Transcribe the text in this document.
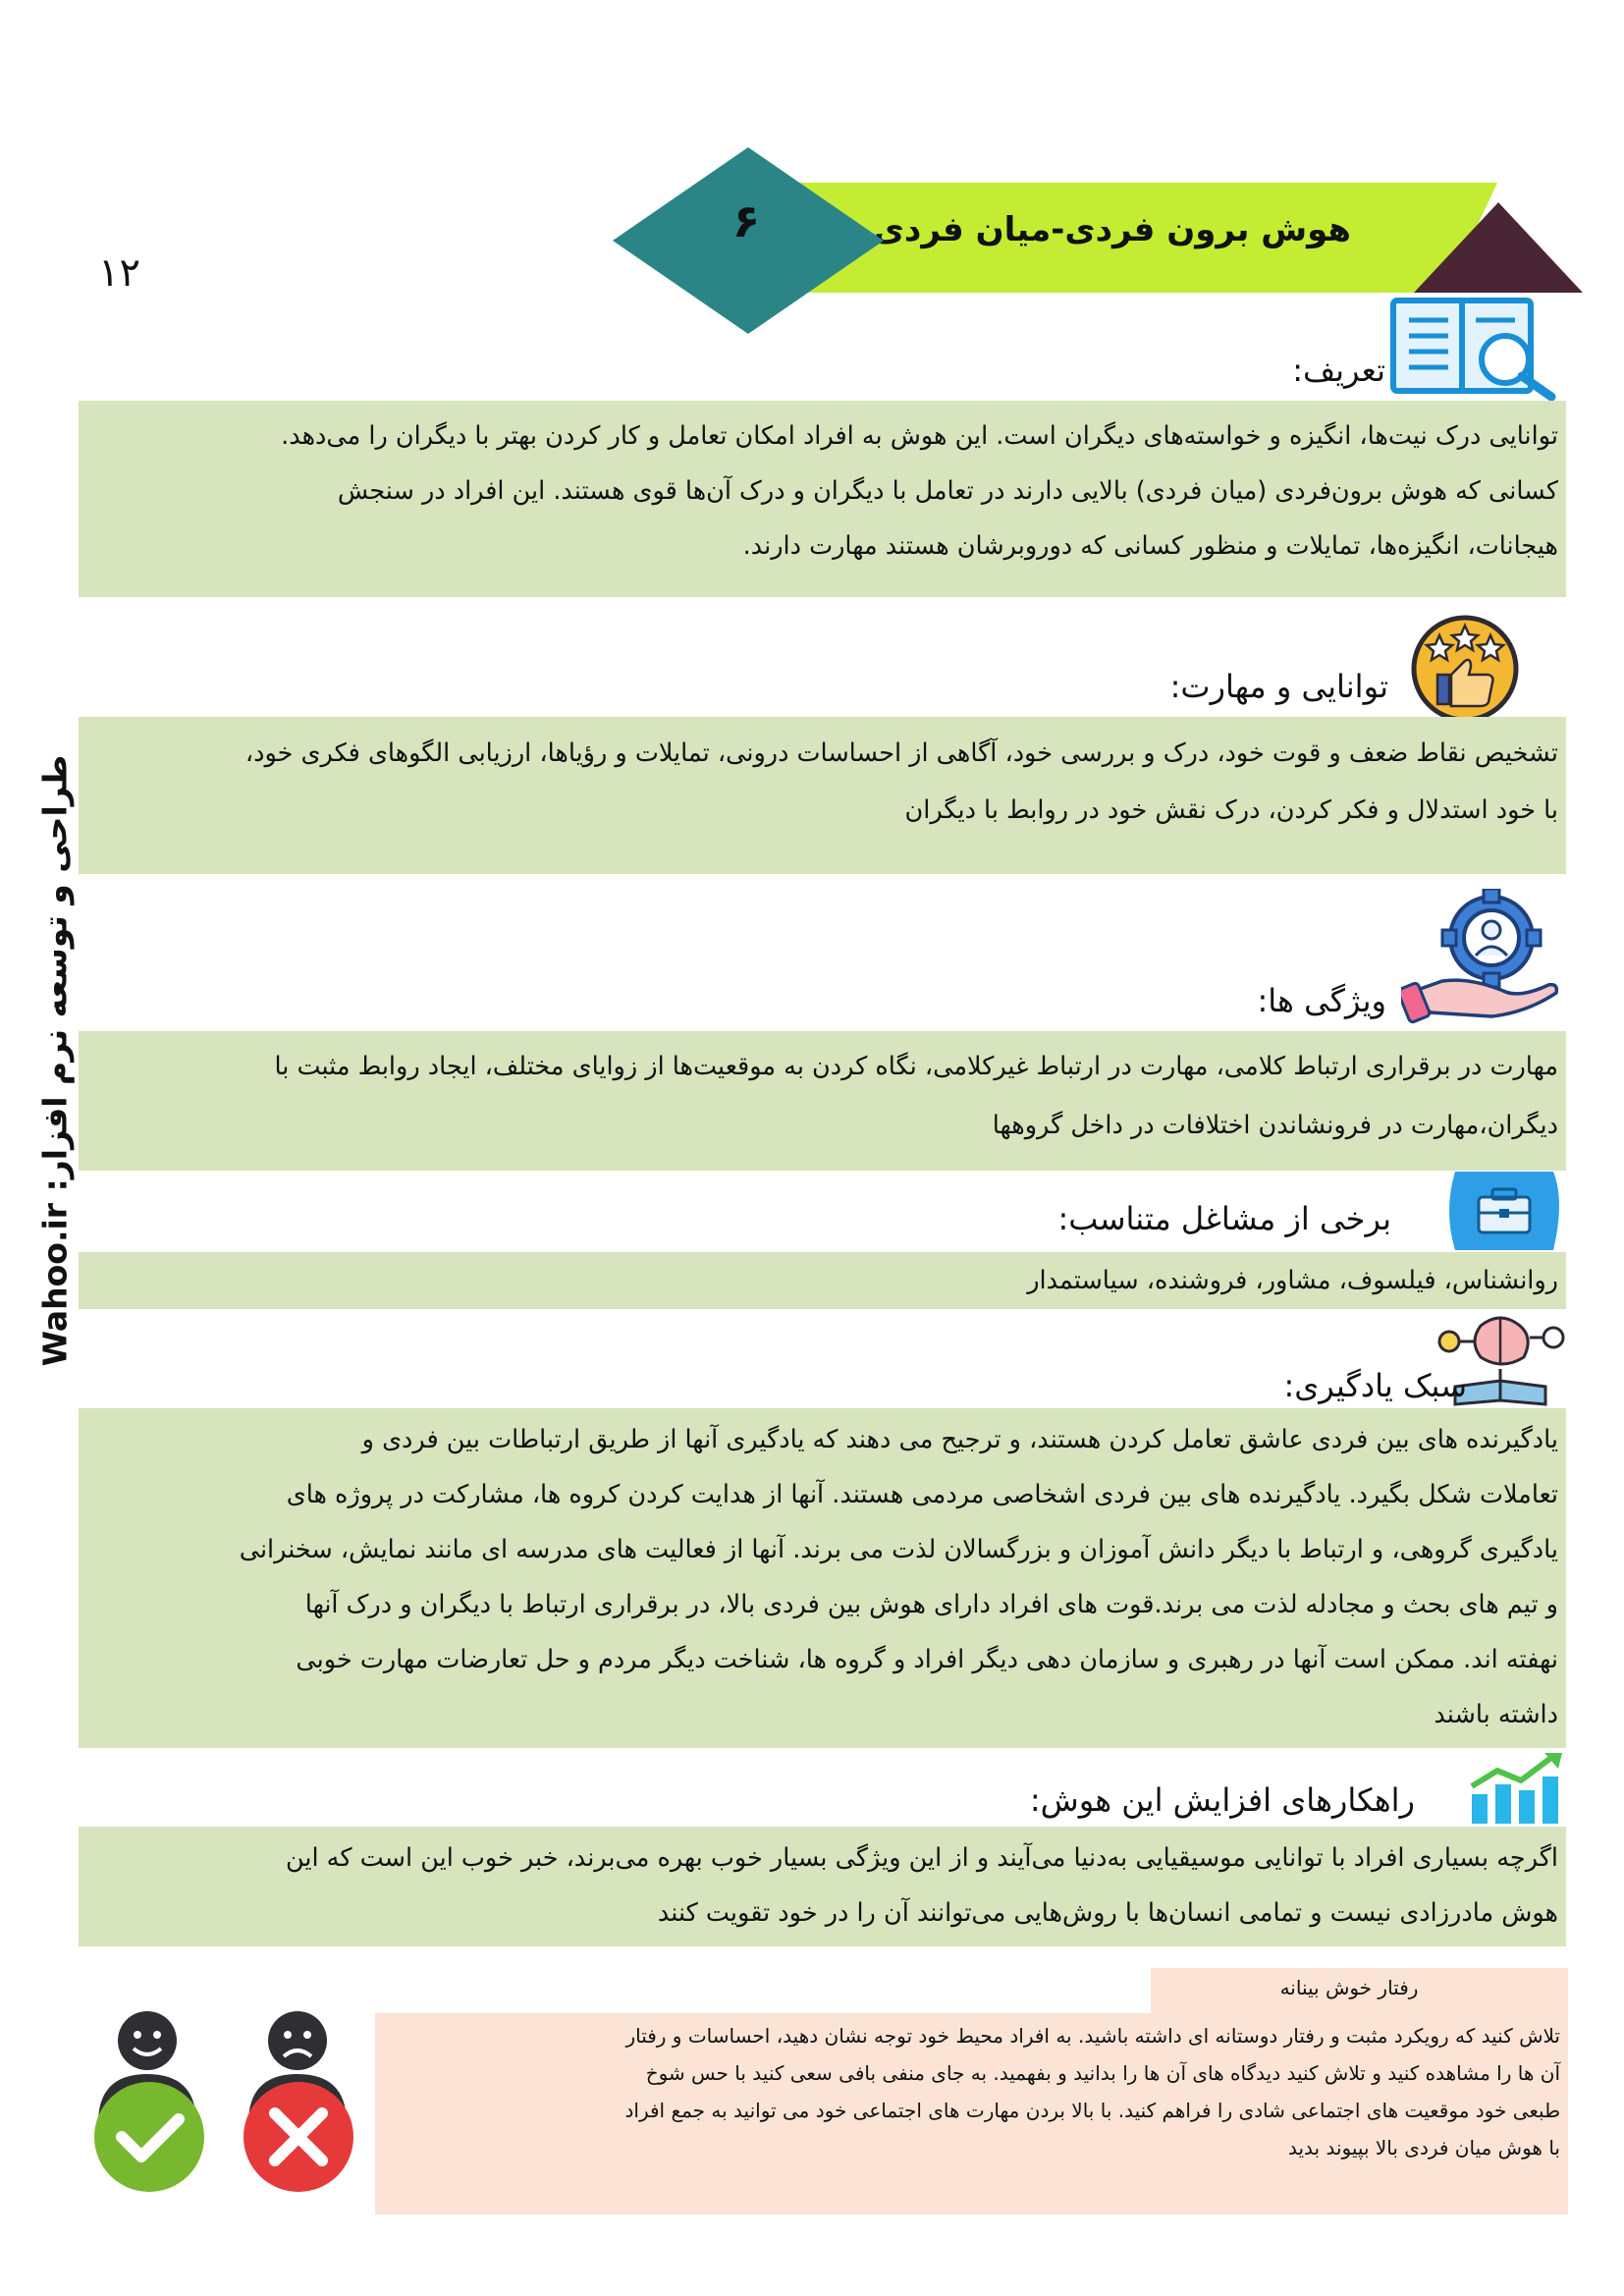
هوش برون فردی-میان فردی
۶
۱۲
طراحی و توسعه نرم افزار: Wahoo.ir
تعریف:

توانایی درک نیت‌ها، انگیزه و خواسته‌های دیگران است. این هوش به افراد امکان تعامل و کار کردن بهتر با دیگران را می‌دهد.

کسانی که هوش برون‌فردی (میان فردی) بالایی دارند در تعامل با دیگران و درک آن‌ها قوی هستند. این افراد در سنجش

هیجانات، انگیزه‌ها، تمایلات و منظور کسانی که دوروبرشان هستند مهارت دارند.

توانایی و مهارت:

تشخیص نقاط ضعف و قوت خود، درک و بررسی خود، آگاهی از احساسات درونی، تمایلات و رؤیاها، ارزیابی الگوهای فکری خود،

با خود استدلال و فکر کردن، درک نقش خود در روابط با دیگران

ویژگی ها:

مهارت در برقراری ارتباط کلامی، مهارت در ارتباط غیرکلامی، نگاه کردن به موقعیت‌ها از زوایای مختلف، ایجاد روابط مثبت با

دیگران،مهارت در فرونشاندن اختلافات در داخل گروهها

برخی از مشاغل متناسب:

روانشناس، فیلسوف، مشاور، فروشنده، سیاستمدار

سبک یادگیری:

یادگیرنده های بین فردی عاشق تعامل کردن هستند، و ترجیح می دهند که یادگیری آنها از طریق ارتباطات بین فردی و

تعاملات شکل بگیرد. یادگیرنده های بین فردی اشخاصی مردمی هستند. آنها از هدایت کردن کروه ها، مشارکت در پروژه های

یادگیری گروهی، و ارتباط با دیگر دانش آموزان و بزرگسالان لذت می برند. آنها از فعالیت های مدرسه ای مانند نمایش، سخنرانی

و تیم های بحث و مجادله لذت می برند.قوت های افراد دارای هوش بین فردی بالا، در برقراری ارتباط با دیگران و درک آنها

نهفته اند. ممکن است آنها در رهبری و سازمان دهی دیگر افراد و گروه ها، شناخت دیگر مردم و حل تعارضات مهارت خوبی

داشته باشند

راهکارهای افزایش این هوش:

اگرچه بسیاری افراد با توانایی موسیقیایی به‌دنیا می‌آیند و از این ویژگی بسیار خوب بهره می‌برند، خبر خوب این است که این

هوش مادرزادی نیست و تمامی انسان‌ها با روش‌هایی می‌توانند آن را در خود تقویت کنند

رفتار خوش بینانه

تلاش کنید که رویکرد مثبت و رفتار دوستانه ای داشته باشید. به افراد محیط خود توجه نشان دهید، احساسات و رفتار

آن ها را مشاهده کنید و تلاش کنید دیدگاه های آن ها را بدانید و بفهمید. به جای منفی بافی سعی کنید با حس شوخ

طبعی خود موقعیت های اجتماعی شادی را فراهم کنید. با بالا بردن مهارت های اجتماعی خود می توانید به جمع افراد

با هوش میان فردی بالا بپیوند بدید
